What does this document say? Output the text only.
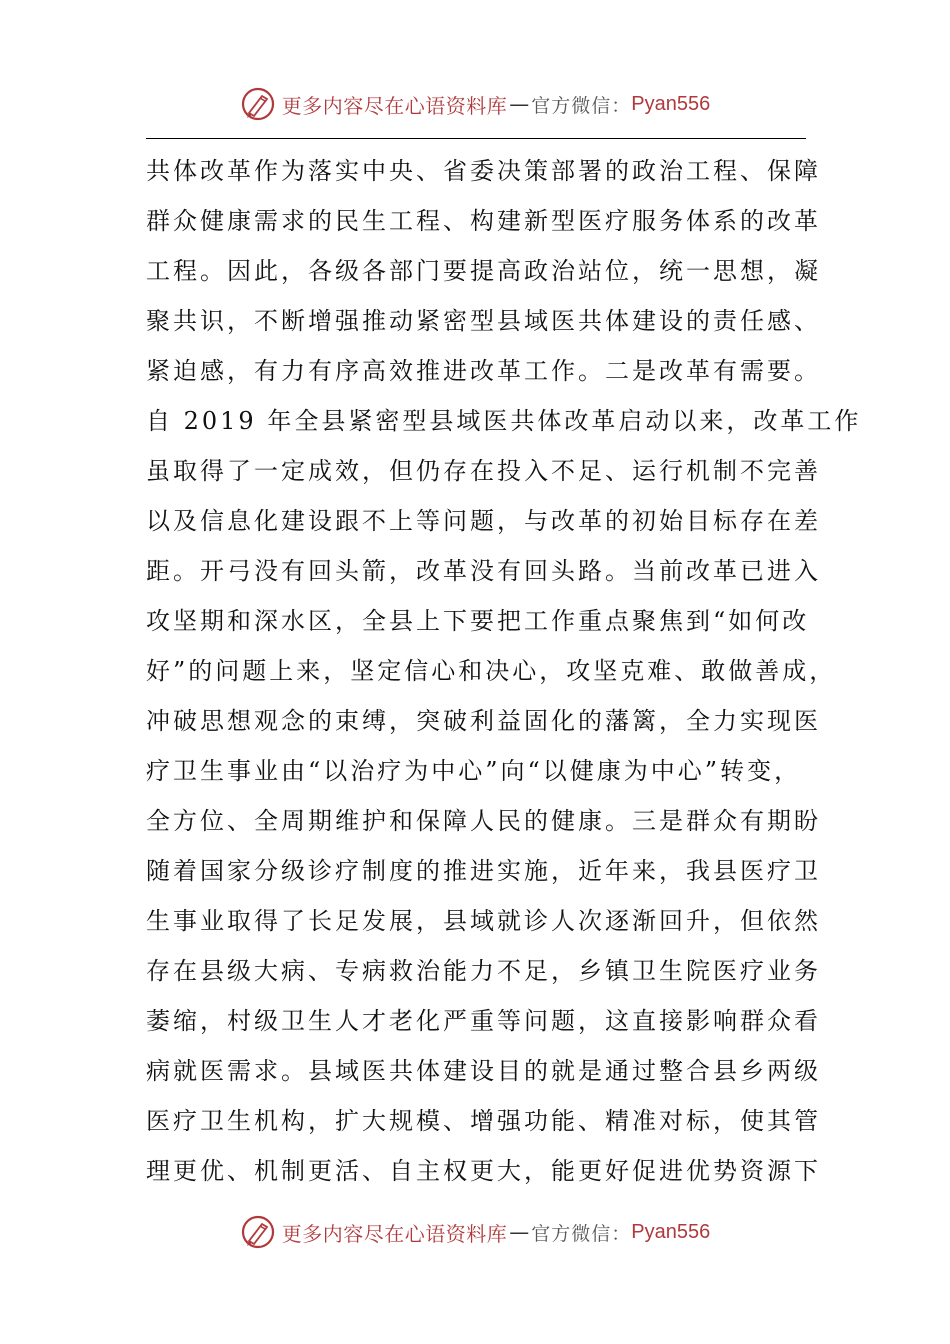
更多内容尽在心语资料库 — 官方微信： Pyan556
共体改革作为落实中央、省委决策部署的政治工程、保障
群众健康需求的民生工程、构建新型医疗服务体系的改革
工程。因此，各级各部门要提高政治站位，统一思想，凝
聚共识，不断增强推动紧密型县域医共体建设的责任感、
紧迫感，有力有序高效推进改革工作。二是改革有需要。
自 2019 年全县紧密型县域医共体改革启动以来，改革工作
虽取得了一定成效，但仍存在投入不足、运行机制不完善
以及信息化建设跟不上等问题，与改革的初始目标存在差
距。开弓没有回头箭，改革没有回头路。当前改革已进入
攻坚期和深水区，全县上下要把工作重点聚焦到“如何改
好”的问题上来，坚定信心和决心，攻坚克难、敢做善成，
冲破思想观念的束缚，突破利益固化的藩篱，全力实现医
疗卫生事业由“以治疗为中心”向“以健康为中心”转变，
全方位、全周期维护和保障人民的健康。三是群众有期盼
随着国家分级诊疗制度的推进实施，近年来，我县医疗卫
生事业取得了长足发展，县域就诊人次逐渐回升，但依然
存在县级大病、专病救治能力不足，乡镇卫生院医疗业务
萎缩，村级卫生人才老化严重等问题，这直接影响群众看
病就医需求。县域医共体建设目的就是通过整合县乡两级
医疗卫生机构，扩大规模、增强功能、精准对标，使其管
理更优、机制更活、自主权更大，能更好促进优势资源下
更多内容尽在心语资料库 — 官方微信： Pyan556
